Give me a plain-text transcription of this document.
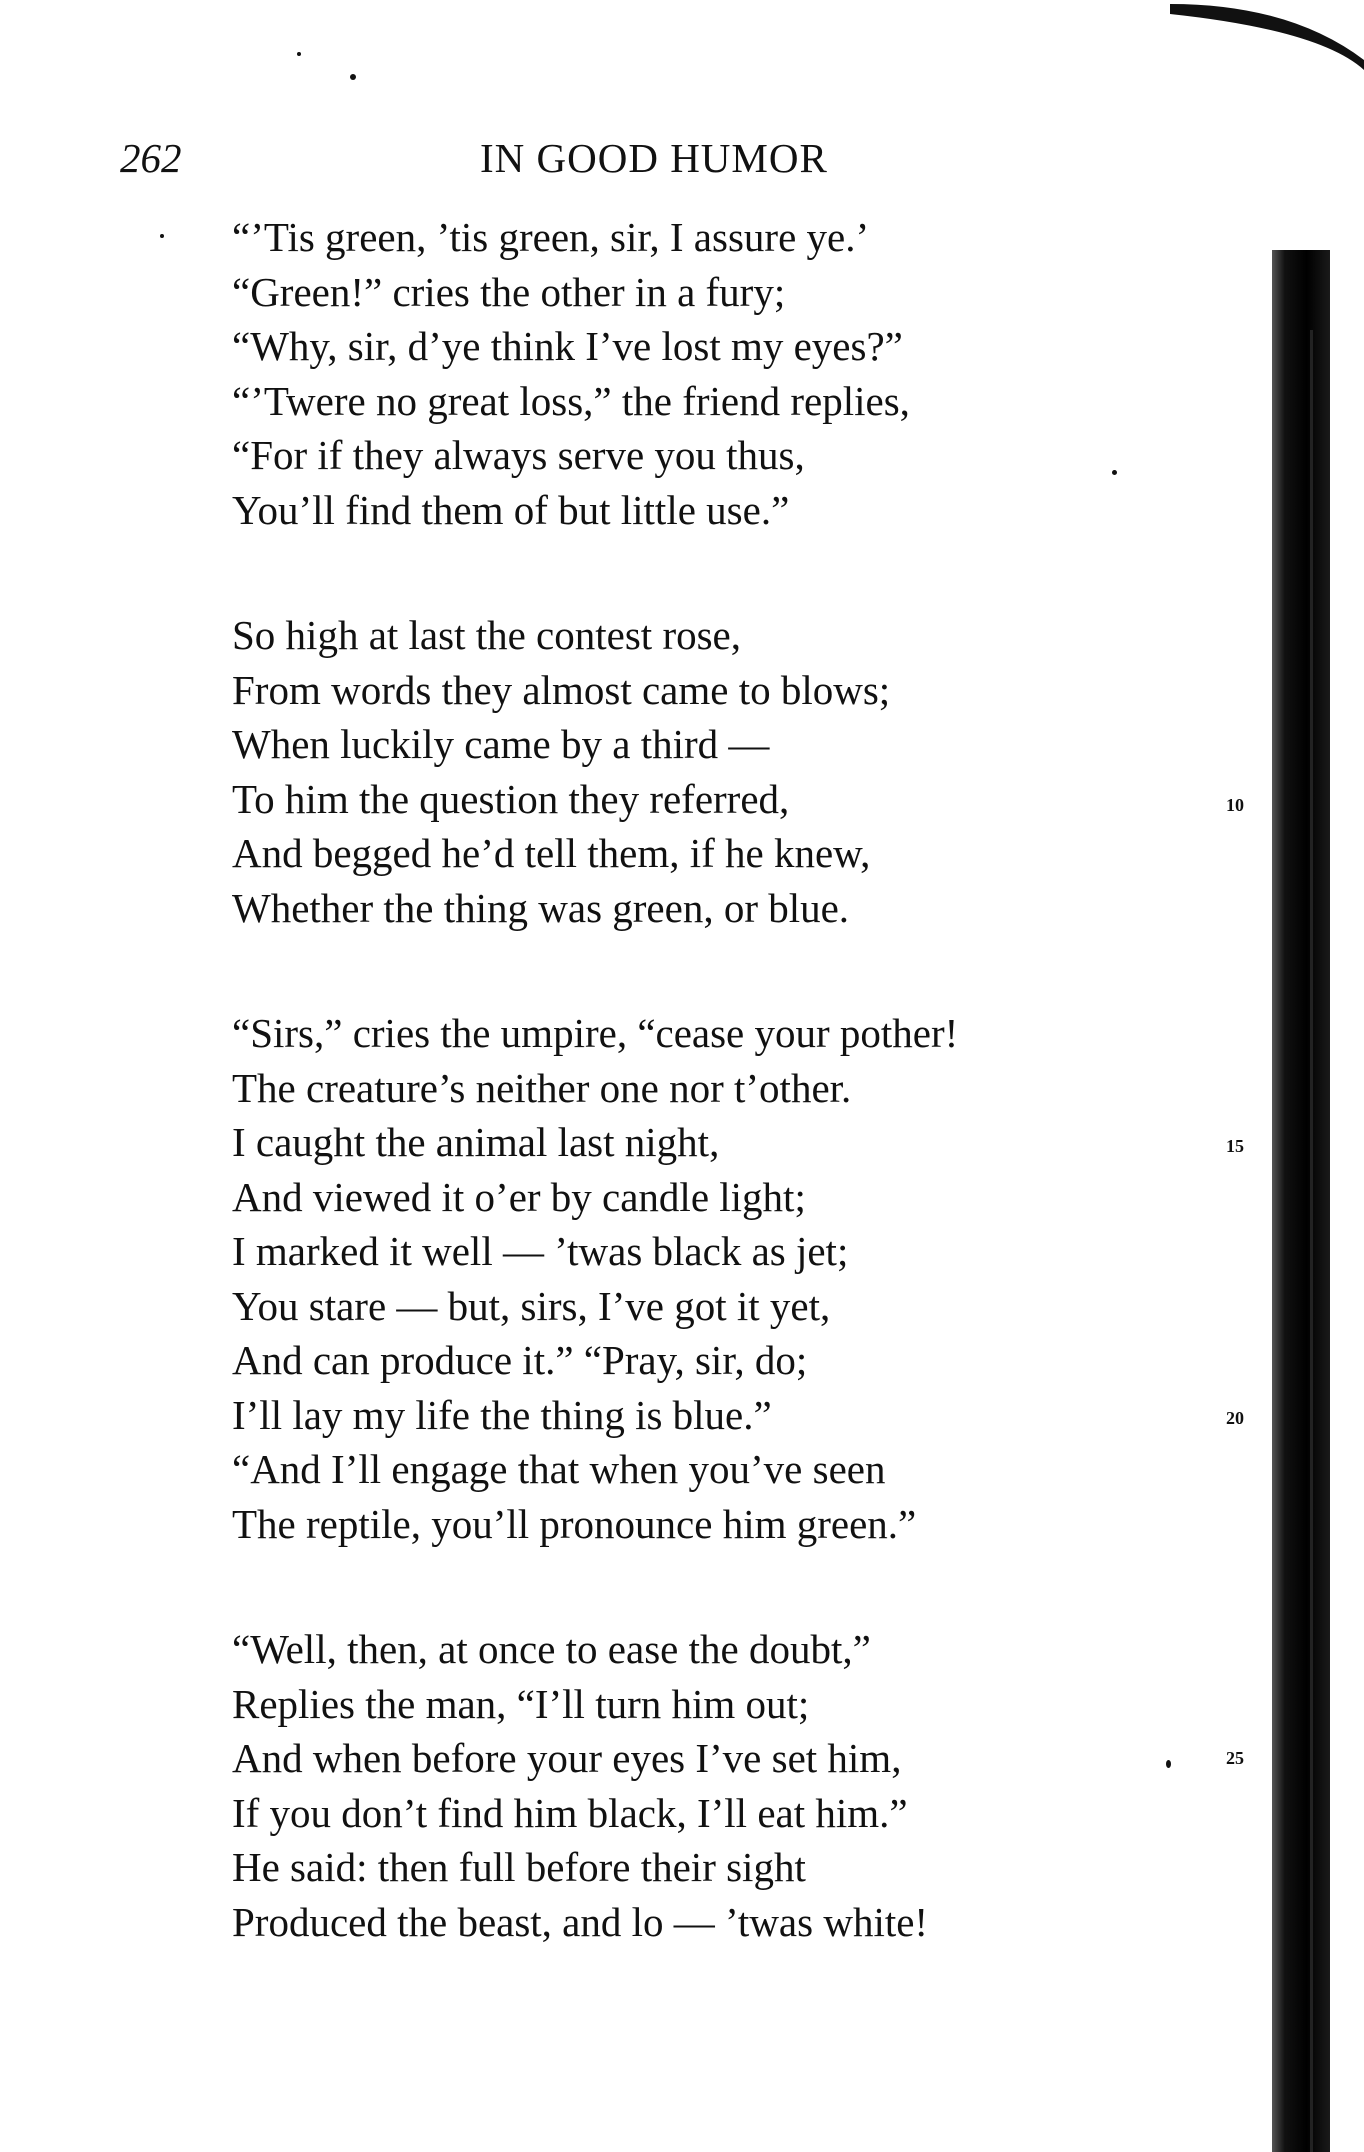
262	IN GOOD HUMOR
“’Tis green, ’tis green, sir, I assure ye.’
“Green!” cries the other in a fury;
“Why, sir, d’ye think I’ve lost my eyes?”
“’Twere no great loss,” the friend replies,
“For if they always serve you thus,
You’ll find them of but little use.”
So high at last the contest rose,
From words they almost came to blows;
When luckily came by a third —
To him the question they referred,
And begged he’d tell them, if he knew,
Whether the thing was green, or blue.
“Sirs,” cries the umpire, “cease your pother!
The creature’s neither one nor t’other.
I caught the animal last night,
And viewed it o’er by candle light;
I marked it well — ’twas black as jet;
You stare — but, sirs, I’ve got it yet,
And can produce it.” “Pray, sir, do;
I’ll lay my life the thing is blue.”
“And I’ll engage that when you’ve seen
The reptile, you’ll pronounce him green.”
“Well, then, at once to ease the doubt,”
Replies the man, “I’ll turn him out;
And when before your eyes I’ve set him,
If you don’t find him black, I’ll eat him.”
He said: then full before their sight
Produced the beast, and lo — ’twas white!
10
15
20
25
